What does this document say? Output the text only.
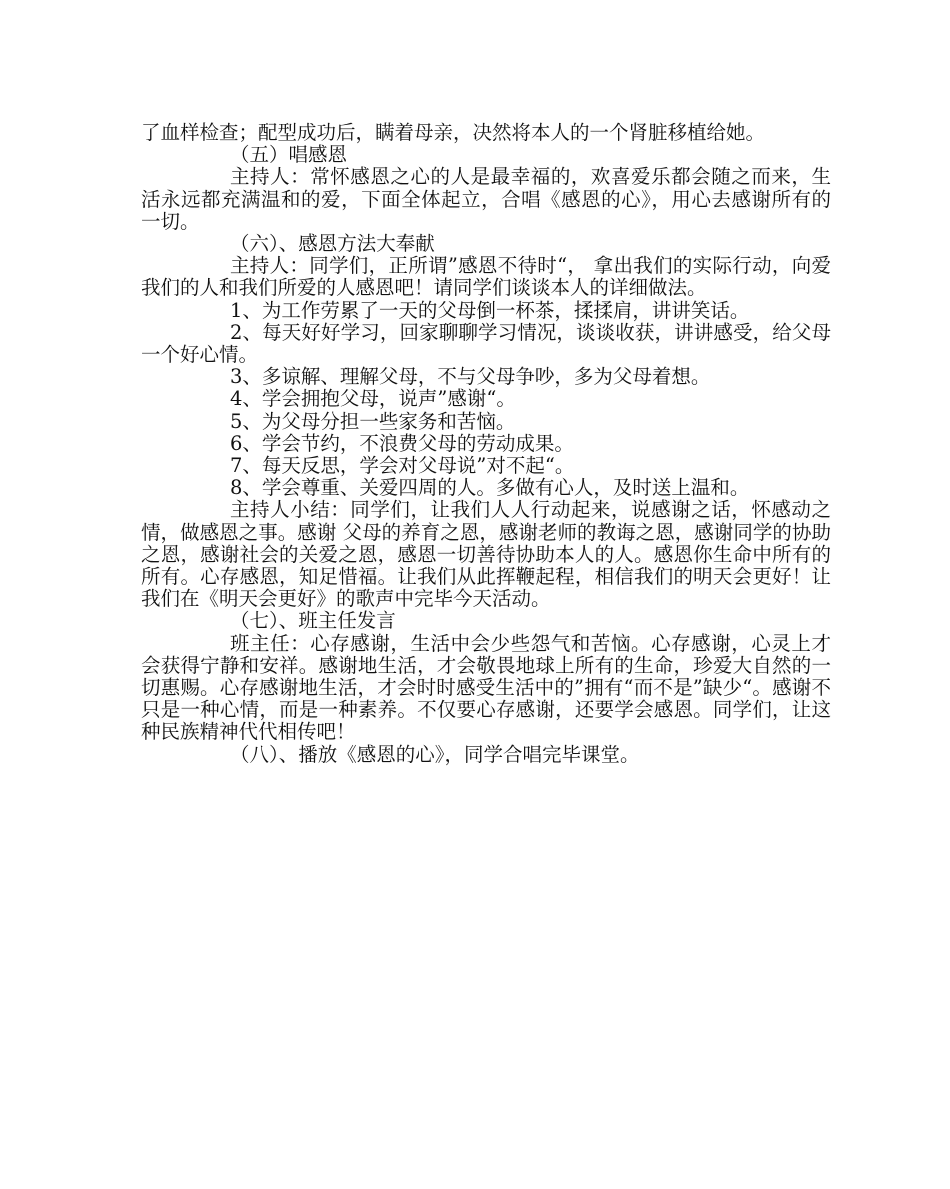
了血样检查；配型成功后，瞒着母亲，决然将本人的一个肾脏移植给她。

（五）唱感恩

主持人：常怀感恩之心的人是最幸福的，欢喜爱乐都会随之而来，生活永远都充满温和的爱，下面全体起立，合唱《感恩的心》，用心去感谢所有的一切。

（六）、感恩方法大奉献

主持人：同学们，正所谓”感恩不待时“， 拿出我们的实际行动，向爱我们的人和我们所爱的人感恩吧！请同学们谈谈本人的详细做法。

1、为工作劳累了一天的父母倒一杯茶，揉揉肩，讲讲笑话。

2、每天好好学习，回家聊聊学习情况，谈谈收获，讲讲感受，给父母一个好心情。

3、多谅解、理解父母，不与父母争吵，多为父母着想。

4、学会拥抱父母，说声”感谢“。

5、为父母分担一些家务和苦恼。

6、学会节约，不浪费父母的劳动成果。

7、每天反思，学会对父母说”对不起“。

8、学会尊重、关爱四周的人。多做有心人，及时送上温和。

主持人小结：同学们，让我们人人行动起来，说感谢之话，怀感动之情，做感恩之事。感谢 父母的养育之恩，感谢老师的教诲之恩，感谢同学的协助之恩，感谢社会的关爱之恩，感恩一切善待协助本人的人。感恩你生命中所有的所有。心存感恩，知足惜福。让我们从此挥鞭起程，相信我们的明天会更好！让我们在《明天会更好》的歌声中完毕今天活动。

（七）、班主任发言

班主任：心存感谢，生活中会少些怨气和苦恼。心存感谢，心灵上才会获得宁静和安祥。感谢地生活，才会敬畏地球上所有的生命，珍爱大自然的一切惠赐。心存感谢地生活，才会时时感受生活中的”拥有“而不是”缺少“。感谢不只是一种心情，而是一种素养。不仅要心存感谢，还要学会感恩。同学们，让这种民族精神代代相传吧！

（八）、播放《感恩的心》，同学合唱完毕课堂。
